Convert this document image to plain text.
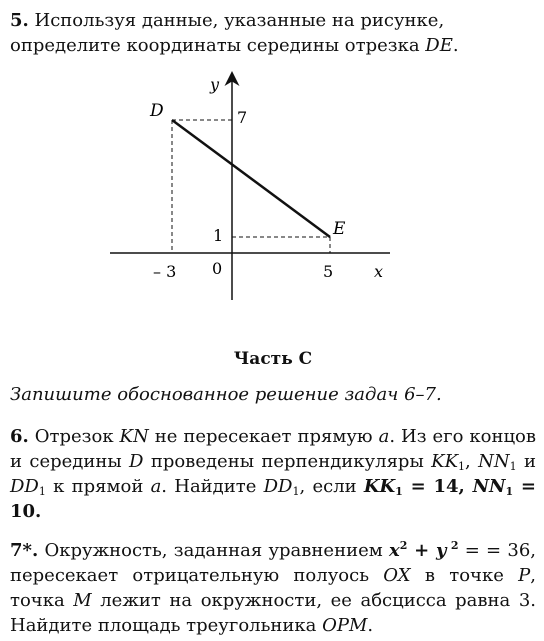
5. Используя данные, указанные на рисунке,
определите координаты середины отрезка DE.

y
x
0
D
E
7
1
– 3	5

Часть С

Запишите обоснованное решение задач 6–7.

6. Отрезок KN не пересекает прямую a. Из его концов и середины D проведены перпендикуляры $KK_1$, $NN_1$ и $DD_1$ к прямой a. Найдите $DD_1$, если $KK_1 = 14$, $NN_1 = 10$.

7*. Окружность, заданная уравнением $x^2 + y$ $^2$ = = 36, пересекает отрицательную полуось OX в точке P, точка M лежит на окружности, ее абсцисса равна 3. Найдите площадь треугольника OPM.
